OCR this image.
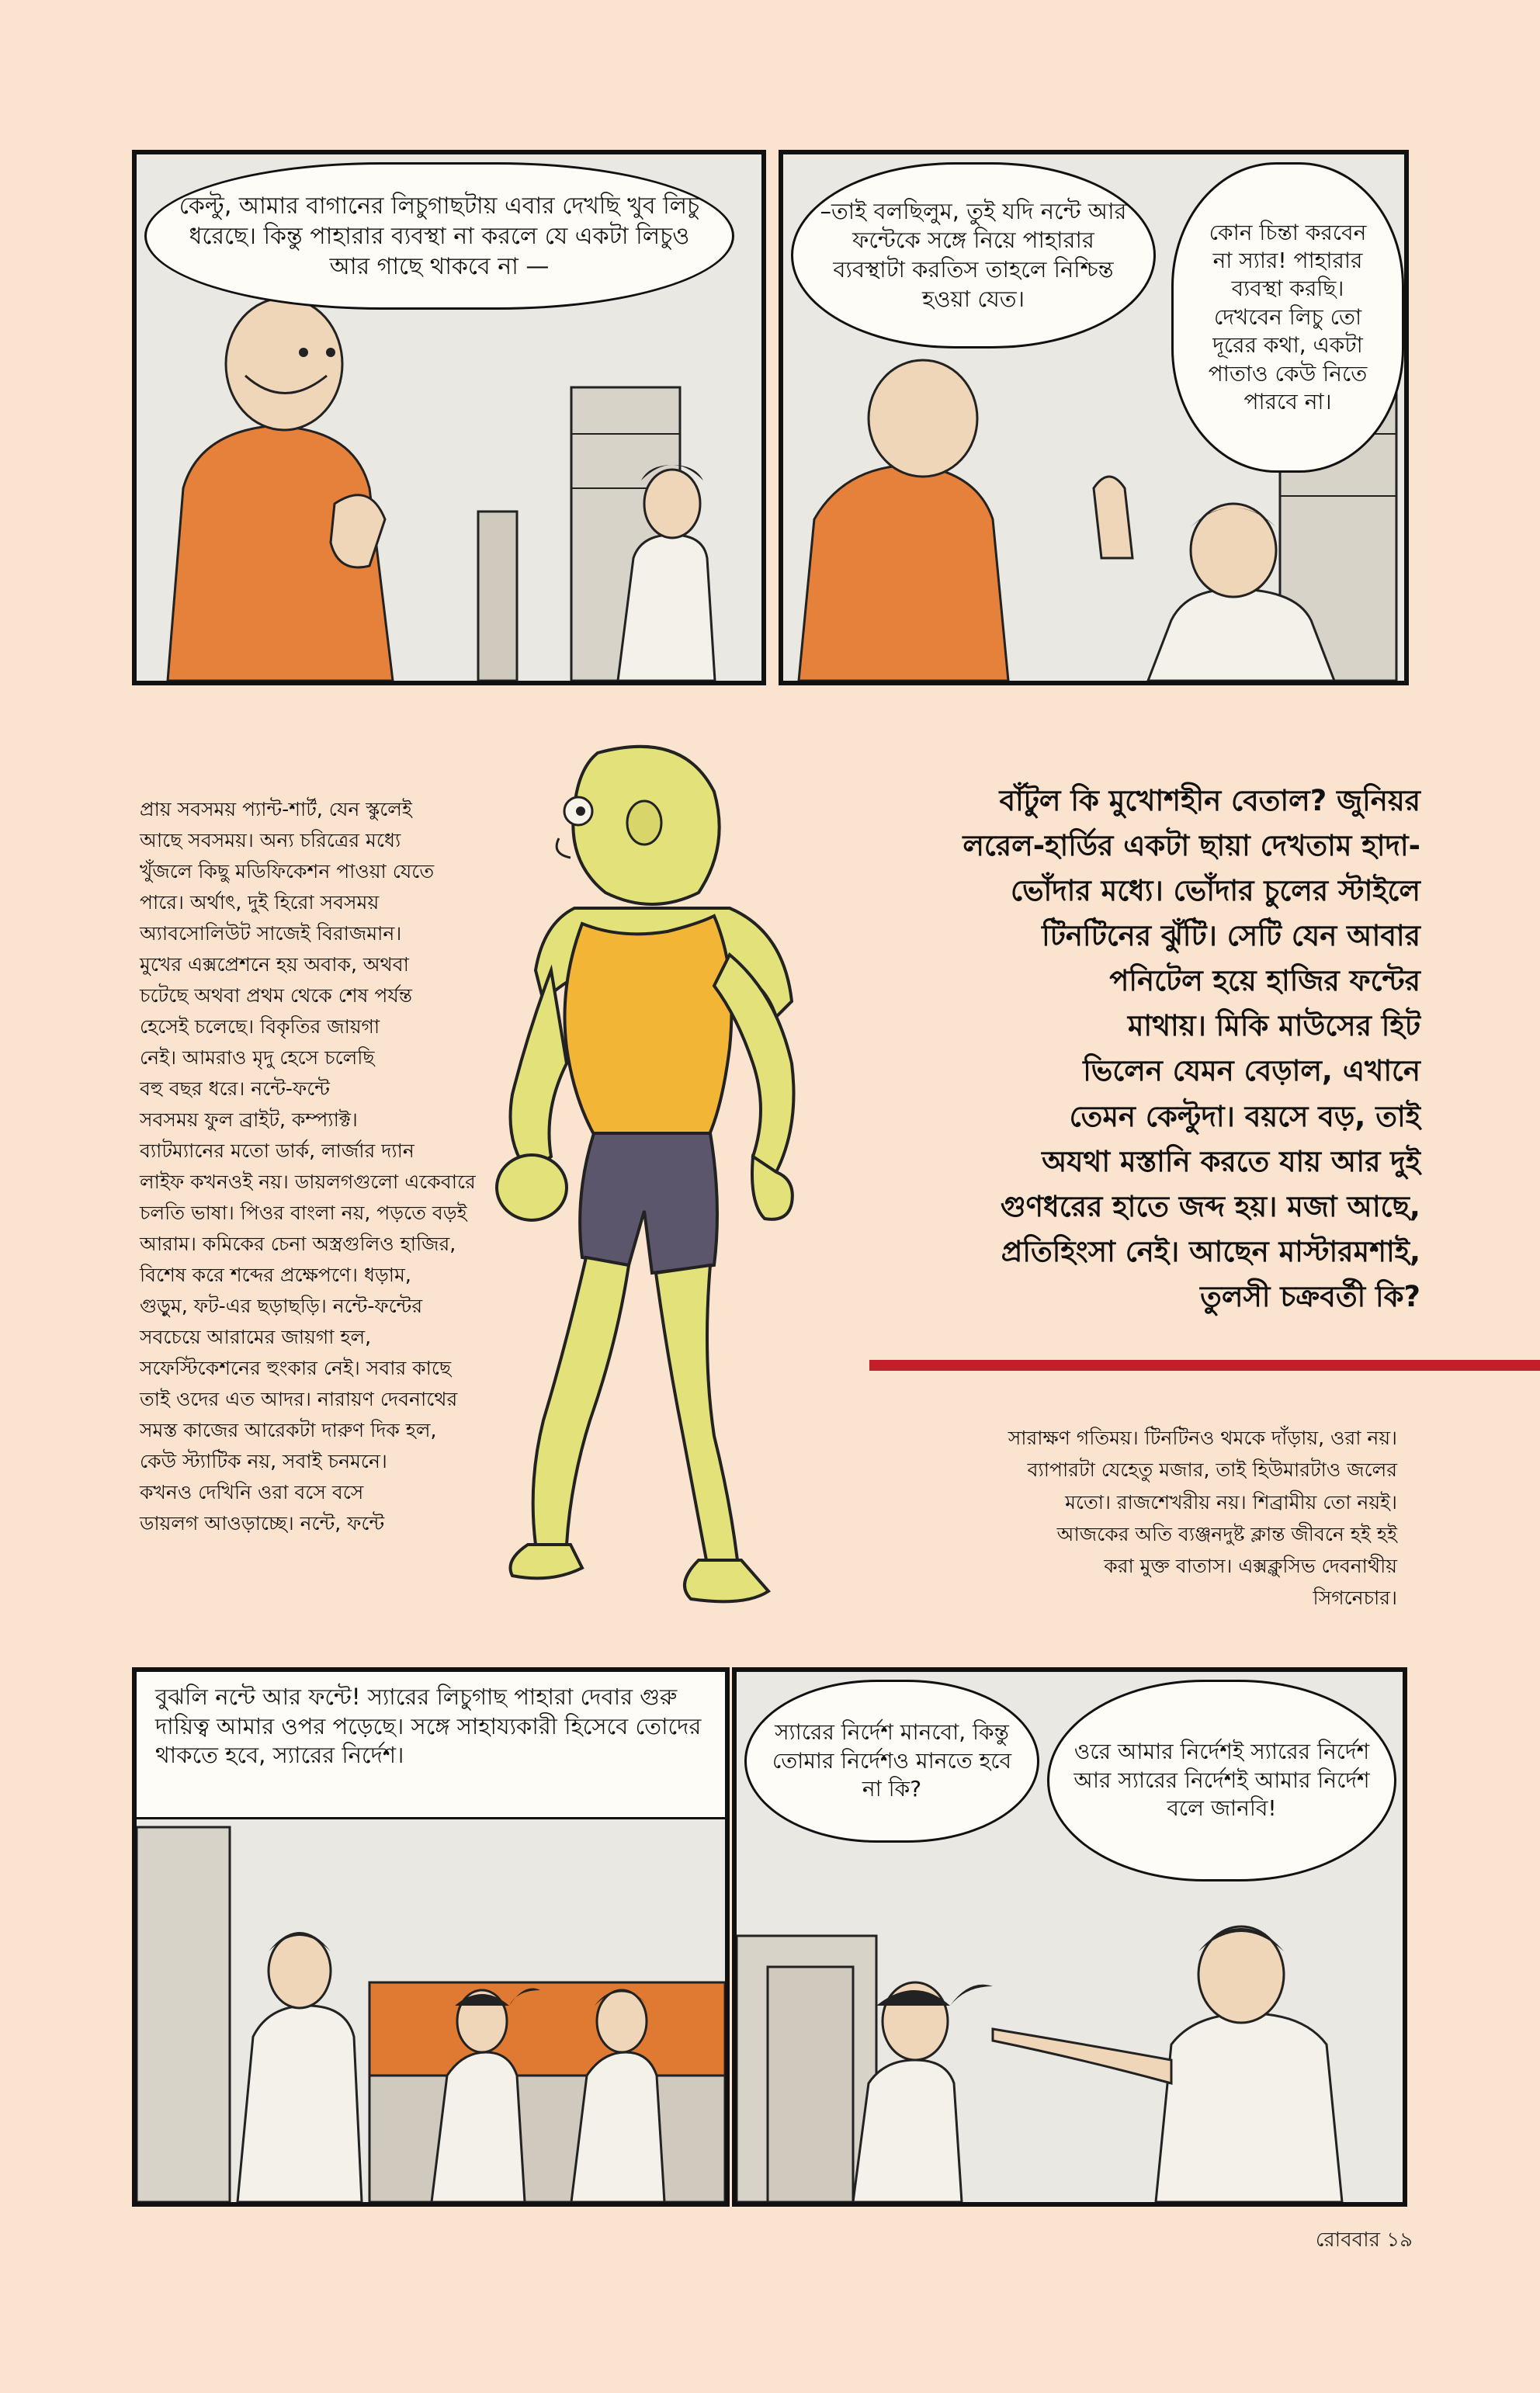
কেল্টু, আমার বাগানের লিচুগাছটায় এবার দেখছি খুব লিচু ধরেছে। কিন্তু পাহারার ব্যবস্থা না করলে যে একটা লিচুও আর গাছে থাকবে না —
–তাই বলছিলুম, তুই যদি নন্টে আর ফন্টেকে সঙ্গে নিয়ে পাহারার ব্যবস্থাটা করতিস তাহলে নিশ্চিন্ত হওয়া যেত।
কোন চিন্তা করবেন না স্যার! পাহারার ব্যবস্থা করছি। দেখবেন লিচু তো দূরের কথা, একটা পাতাও কেউ নিতে পারবে না।

প্রায় সবসময় প্যান্ট-শার্ট, যেন স্কুলেই

আছে সবসময়। অন্য চরিত্রের মধ্যে

খুঁজলে কিছু মডিফিকেশন পাওয়া যেতে

পারে। অর্থাৎ, দুই হিরো সবসময়

অ্যাবসোলিউট সাজেই বিরাজমান।

মুখের এক্সপ্রেশনে হয় অবাক, অথবা

চটেছে অথবা প্রথম থেকে শেষ পর্যন্ত

হেসেই চলেছে। বিকৃতির জায়গা

নেই। আমরাও মৃদু হেসে চলেছি

বহু বছর ধরে। নন্টে-ফন্টে

সবসময় ফুল ব্রাইট, কম্প্যাক্ট।

ব্যাটম্যানের মতো ডার্ক, লার্জার দ্যান

লাইফ কখনওই নয়। ডায়লগগুলো একেবারে

চলতি ভাষা। পিওর বাংলা নয়, পড়তে বড়ই

আরাম। কমিকের চেনা অস্ত্রগুলিও হাজির,

বিশেষ করে শব্দের প্রক্ষেপণে। ধড়াম,

গুড়ুম, ফট-এর ছড়াছড়ি। নন্টে-ফন্টের

সবচেয়ে আরামের জায়গা হল,

সফেস্টিকেশনের হুংকার নেই। সবার কাছে

তাই ওদের এত আদর। নারায়ণ দেবনাথের

সমস্ত কাজের আরেকটা দারুণ দিক হল,

কেউ স্ট্যাটিক নয়, সবাই চনমনে।

কখনও দেখিনি ওরা বসে বসে

ডায়লগ আওড়াচ্ছে। নন্টে, ফন্টে

বাঁটুল কি মুখোশহীন বেতাল? জুনিয়র

লরেল-হার্ডির একটা ছায়া দেখতাম হাদা-

ভোঁদার মধ্যে। ভোঁদার চুলের স্টাইলে

টিনটিনের ঝুঁটি। সেটি যেন আবার

পনিটেল হয়ে হাজির ফন্টের

মাথায়। মিকি মাউসের হিট

ভিলেন যেমন বেড়াল, এখানে

তেমন কেল্টুদা। বয়সে বড়, তাই

অযথা মস্তানি করতে যায় আর দুই

গুণধরের হাতে জব্দ হয়। মজা আছে,

প্রতিহিংসা নেই। আছেন মাস্টারমশাই,

তুলসী চক্রবর্তী কি?

সারাক্ষণ গতিময়। টিনটিনও থমকে দাঁড়ায়, ওরা নয়।

ব্যাপারটা যেহেতু মজার, তাই হিউমারটাও জলের

মতো। রাজশেখরীয় নয়। শিব্রামীয় তো নয়ই।

আজকের অতি ব্যঞ্জনদুষ্ট ক্লান্ত জীবনে হই হই

করা মুক্ত বাতাস। এক্সক্লুসিভ দেবনাথীয়

সিগনেচার।

বুঝলি নন্টে আর ফন্টে! স্যারের লিচুগাছ পাহারা দেবার গুরু দায়িত্ব আমার ওপর পড়েছে। সঙ্গে সাহায্যকারী হিসেবে তোদের থাকতে হবে, স্যারের নির্দেশ।
স্যারের নির্দেশ মানবো, কিন্তু তোমার নির্দেশও মানতে হবে না কি?
ওরে আমার নির্দেশই স্যারের নির্দেশ আর স্যারের নির্দেশই আমার নির্দেশ বলে জানবি!
রোববার ১৯
